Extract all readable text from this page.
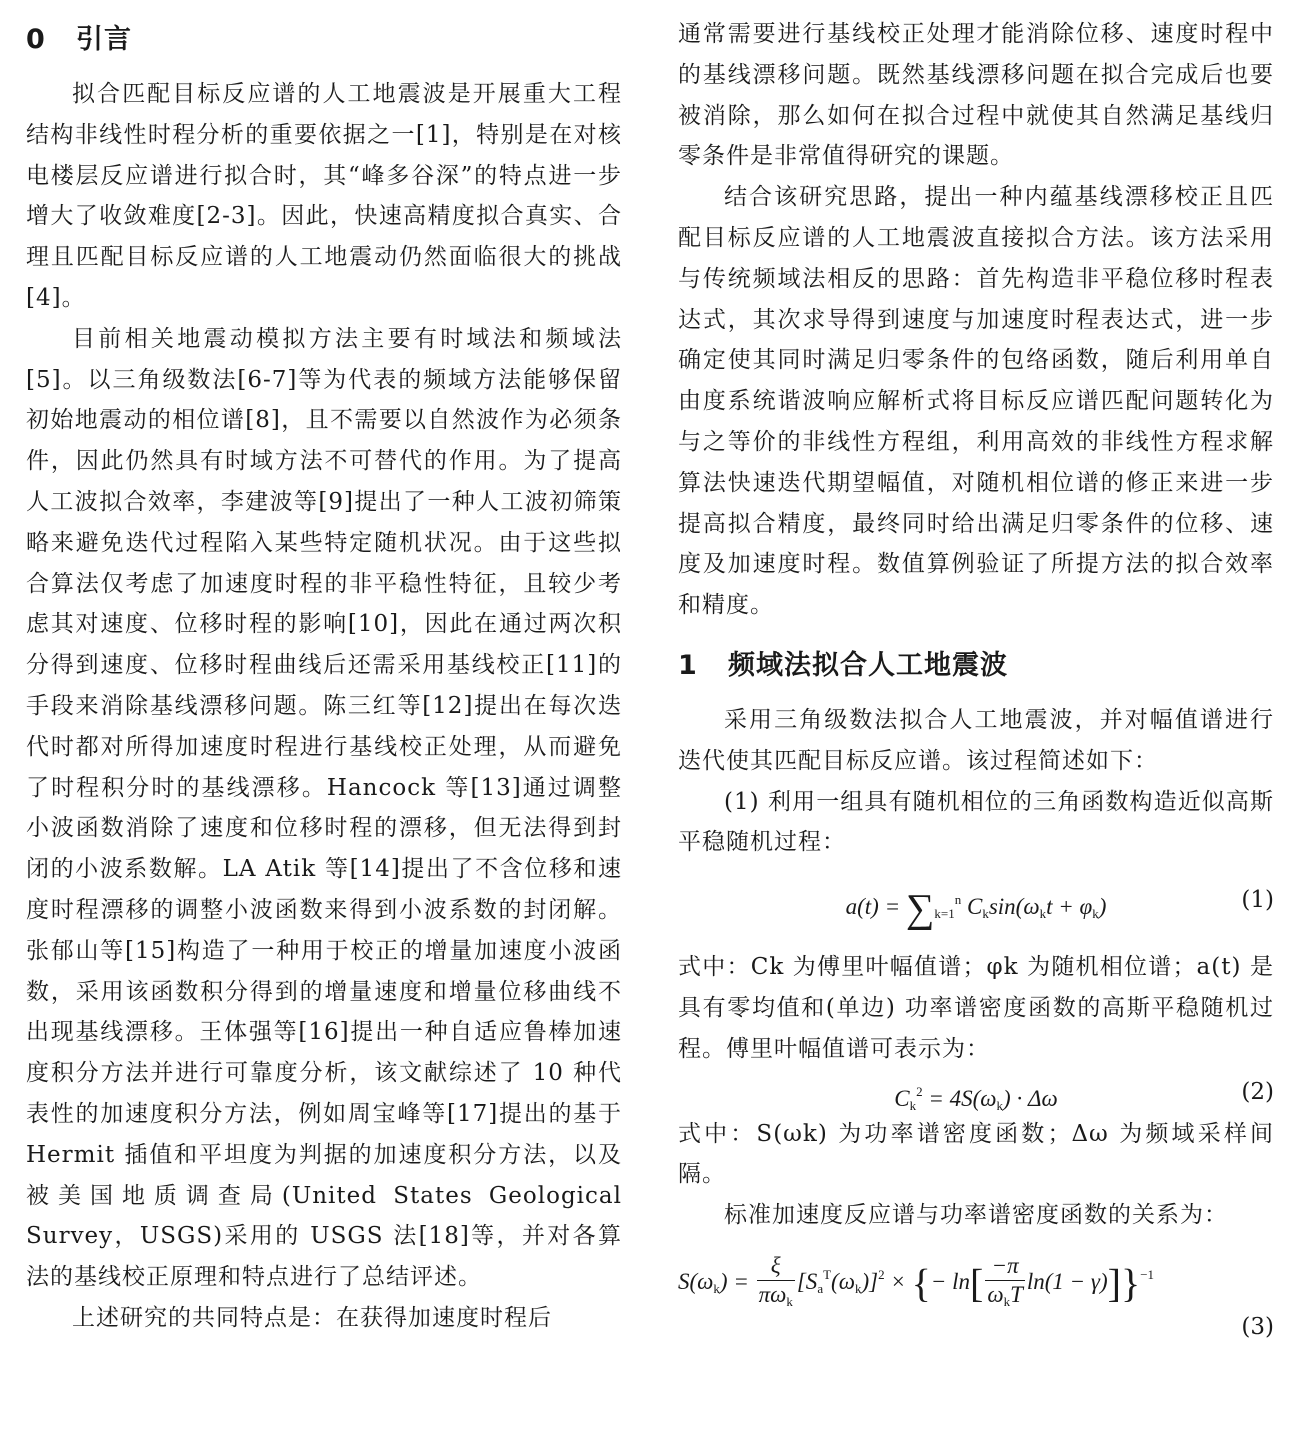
0 引言

拟合匹配目标反应谱的人工地震波是开展重大工程结构非线性时程分析的重要依据之一[1]，特别是在对核电楼层反应谱进行拟合时，其“峰多谷深”的特点进一步增大了收敛难度[2-3]。因此，快速高精度拟合真实、合理且匹配目标反应谱的人工地震动仍然面临很大的挑战[4]。

目前相关地震动模拟方法主要有时域法和频域法[5]。以三角级数法[6-7]等为代表的频域方法能够保留初始地震动的相位谱[8]，且不需要以自然波作为必须条件，因此仍然具有时域方法不可替代的作用。为了提高人工波拟合效率，李建波等[9]提出了一种人工波初筛策略来避免迭代过程陷入某些特定随机状况。由于这些拟合算法仅考虑了加速度时程的非平稳性特征，且较少考虑其对速度、位移时程的影响[10]，因此在通过两次积分得到速度、位移时程曲线后还需采用基线校正[11]的手段来消除基线漂移问题。陈三红等[12]提出在每次迭代时都对所得加速度时程进行基线校正处理，从而避免了时程积分时的基线漂移。Hancock 等[13]通过调整小波函数消除了速度和位移时程的漂移，但无法得到封闭的小波系数解。LA Atik 等[14]提出了不含位移和速度时程漂移的调整小波函数来得到小波系数的封闭解。张郁山等[15]构造了一种用于校正的增量加速度小波函数，采用该函数积分得到的增量速度和增量位移曲线不出现基线漂移。王体强等[16]提出一种自适应鲁棒加速度积分方法并进行可靠度分析，该文献综述了 10 种代表性的加速度积分方法，例如周宝峰等[17]提出的基于 Hermit 插值和平坦度为判据的加速度积分方法，以及被美国地质调查局(United States Geological Survey，USGS)采用的 USGS 法[18]等，并对各算法的基线校正原理和特点进行了总结评述。

上述研究的共同特点是：在获得加速度时程后

通常需要进行基线校正处理才能消除位移、速度时程中的基线漂移问题。既然基线漂移问题在拟合完成后也要被消除，那么如何在拟合过程中就使其自然满足基线归零条件是非常值得研究的课题。

结合该研究思路，提出一种内蕴基线漂移校正且匹配目标反应谱的人工地震波直接拟合方法。该方法采用与传统频域法相反的思路：首先构造非平稳位移时程表达式，其次求导得到速度与加速度时程表达式，进一步确定使其同时满足归零条件的包络函数，随后利用单自由度系统谐波响应解析式将目标反应谱匹配问题转化为与之等价的非线性方程组，利用高效的非线性方程求解算法快速迭代期望幅值，对随机相位谱的修正来进一步提高拟合精度，最终同时给出满足归零条件的位移、速度及加速度时程。数值算例验证了所提方法的拟合效率和精度。

1 频域法拟合人工地震波

采用三角级数法拟合人工地震波，并对幅值谱进行迭代使其匹配目标反应谱。该过程简述如下：

(1) 利用一组具有随机相位的三角函数构造近似高斯平稳随机过程：

$a(t) = \sum_{k=1}^n$ $C_k\sin(\omega_kt + \varphi_k)$	(1)

式中：Ck 为傅里叶幅值谱；φk 为随机相位谱；a(t) 是具有零均值和(单边) 功率谱密度函数的高斯平稳随机过程。傅里叶幅值谱可表示为：

$C_k^2 = 4S(\omega_k) \cdot \Delta\omega$	(2)

式中：S(ωk) 为功率谱密度函数；Δω 为频域采样间隔。

标准加速度反应谱与功率谱密度函数的关系为：

$S(\omega_k) = \frac{\xi}{\pi\omega_k} [S_a^T(\omega_k)]^2$ × {− $\ln[ \frac{-\pi}{\omega_kT} \ln(1 - \gamma)]\}^{-1}$
(3)
